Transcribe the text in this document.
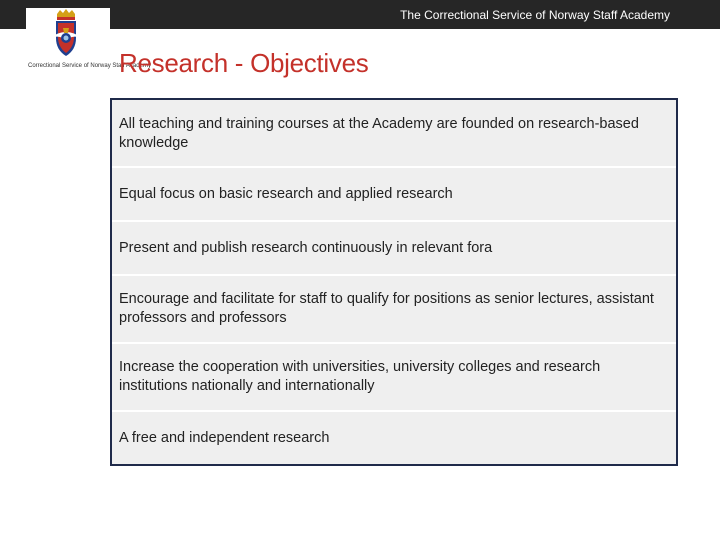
The Correctional Service of Norway Staff Academy
Correctional Service of Norway Staff Academy
Research - Objectives
All teaching and training courses at the Academy are founded on research-based knowledge
Equal focus on basic research and applied research
Present and publish research continuously in relevant fora
Encourage and facilitate for staff to qualify for positions as senior lectures, assistant professors and professors
Increase the cooperation with universities, university colleges and research institutions nationally and internationally
A free and independent research
